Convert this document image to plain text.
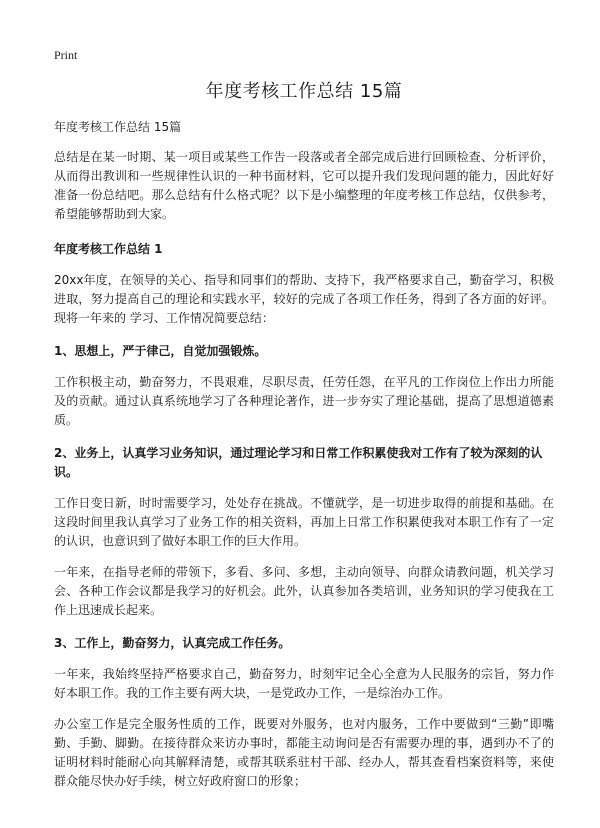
Print

年度考核工作总结 15篇

年度考核工作总结 15篇

总结是在某一时期、某一项目或某些工作告一段落或者全部完成后进行回顾检查、分析评价，从而得出教训和一些规律性认识的一种书面材料，它可以提升我们发现问题的能力，因此好好准备一份总结吧。那么总结有什么格式呢？以下是小编整理的年度考核工作总结，仅供参考，希望能够帮助到大家。

年度考核工作总结 1

20xx年度，在领导的关心、指导和同事们的帮助、支持下，我严格要求自己，勤奋学习，积极进取，努力提高自己的理论和实践水平，较好的完成了各项工作任务，得到了各方面的好评。现将一年来的 学习、工作情况简要总结：

1、思想上，严于律己，自觉加强锻炼。

工作积极主动，勤奋努力，不畏艰难，尽职尽责，任劳任怨，在平凡的工作岗位上作出力所能及的贡献。通过认真系统地学习了各种理论著作，进一步夯实了理论基础，提高了思想道德素质。

2、业务上，认真学习业务知识，通过理论学习和日常工作积累使我对工作有了较为深刻的认识。

工作日变日新，时时需要学习，处处存在挑战。不懂就学，是一切进步取得的前提和基础。在这段时间里我认真学习了业务工作的相关资料，再加上日常工作积累使我对本职工作有了一定的认识，也意识到了做好本职工作的巨大作用。

一年来，在指导老师的带领下，多看、多问、多想，主动向领导、向群众请教问题，机关学习会、各种工作会议都是我学习的好机会。此外，认真参加各类培训，业务知识的学习使我在工作上迅速成长起来。

3、工作上，勤奋努力，认真完成工作任务。

一年来，我始终坚持严格要求自己，勤奋努力，时刻牢记全心全意为人民服务的宗旨，努力作好本职工作。我的工作主要有两大块，一是党政办工作，一是综治办工作。

办公室工作是完全服务性质的工作，既要对外服务，也对内服务，工作中要做到“三勤”即嘴勤、手勤、脚勤。在接待群众来访办事时，都能主动询问是否有需要办理的事，遇到办不了的证明材料时能耐心向其解释清楚，或帮其联系驻村干部、经办人，帮其查看档案资料等，来使群众能尽快办好手续，树立好政府窗口的形象；
